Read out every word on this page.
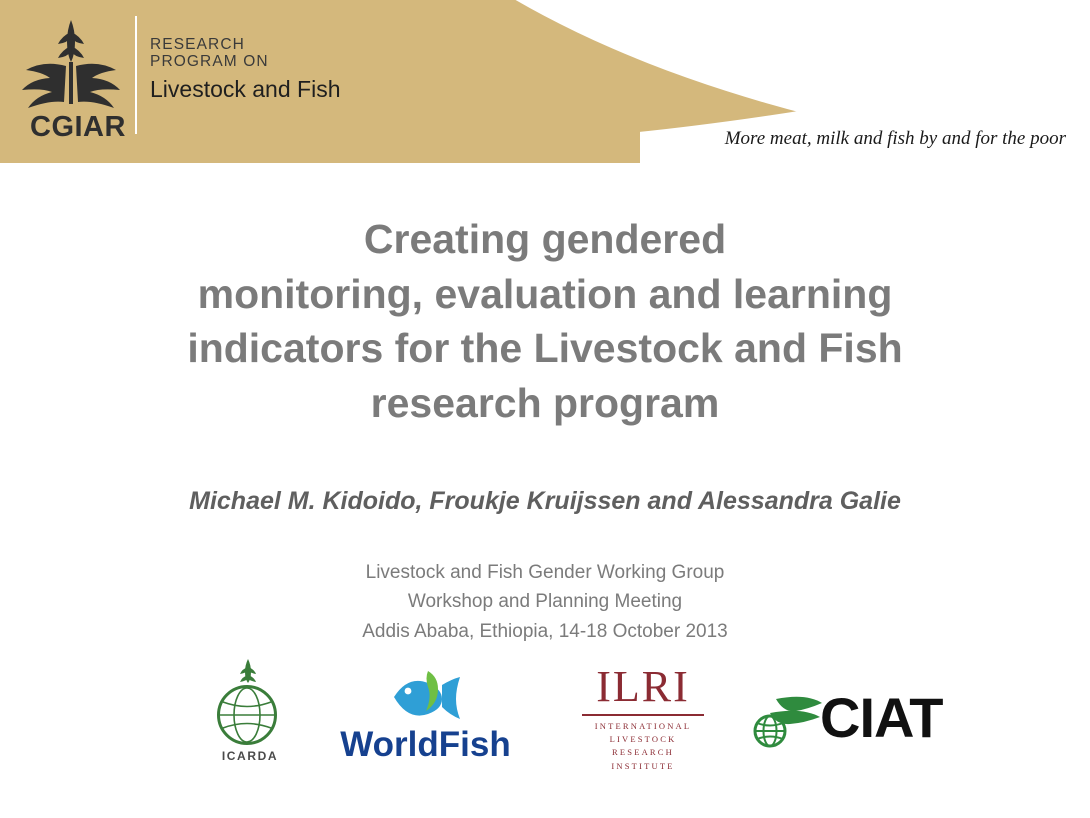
CGIAR
RESEARCH
PROGRAM ON
Livestock and Fish
More meat, milk and fish by and for the poor
Creating gendered
monitoring, evaluation and learning
indicators for the Livestock and Fish
research program
Michael M. Kidoido, Froukje Kruijssen and Alessandra Galie
Livestock and Fish Gender Working Group
Workshop and Planning Meeting
Addis Ababa, Ethiopia, 14-18 October 2013
ICARDA	WorldFish
ILRI
INTERNATIONAL
LIVESTOCK RESEARCH
INSTITUTE
CIAT
